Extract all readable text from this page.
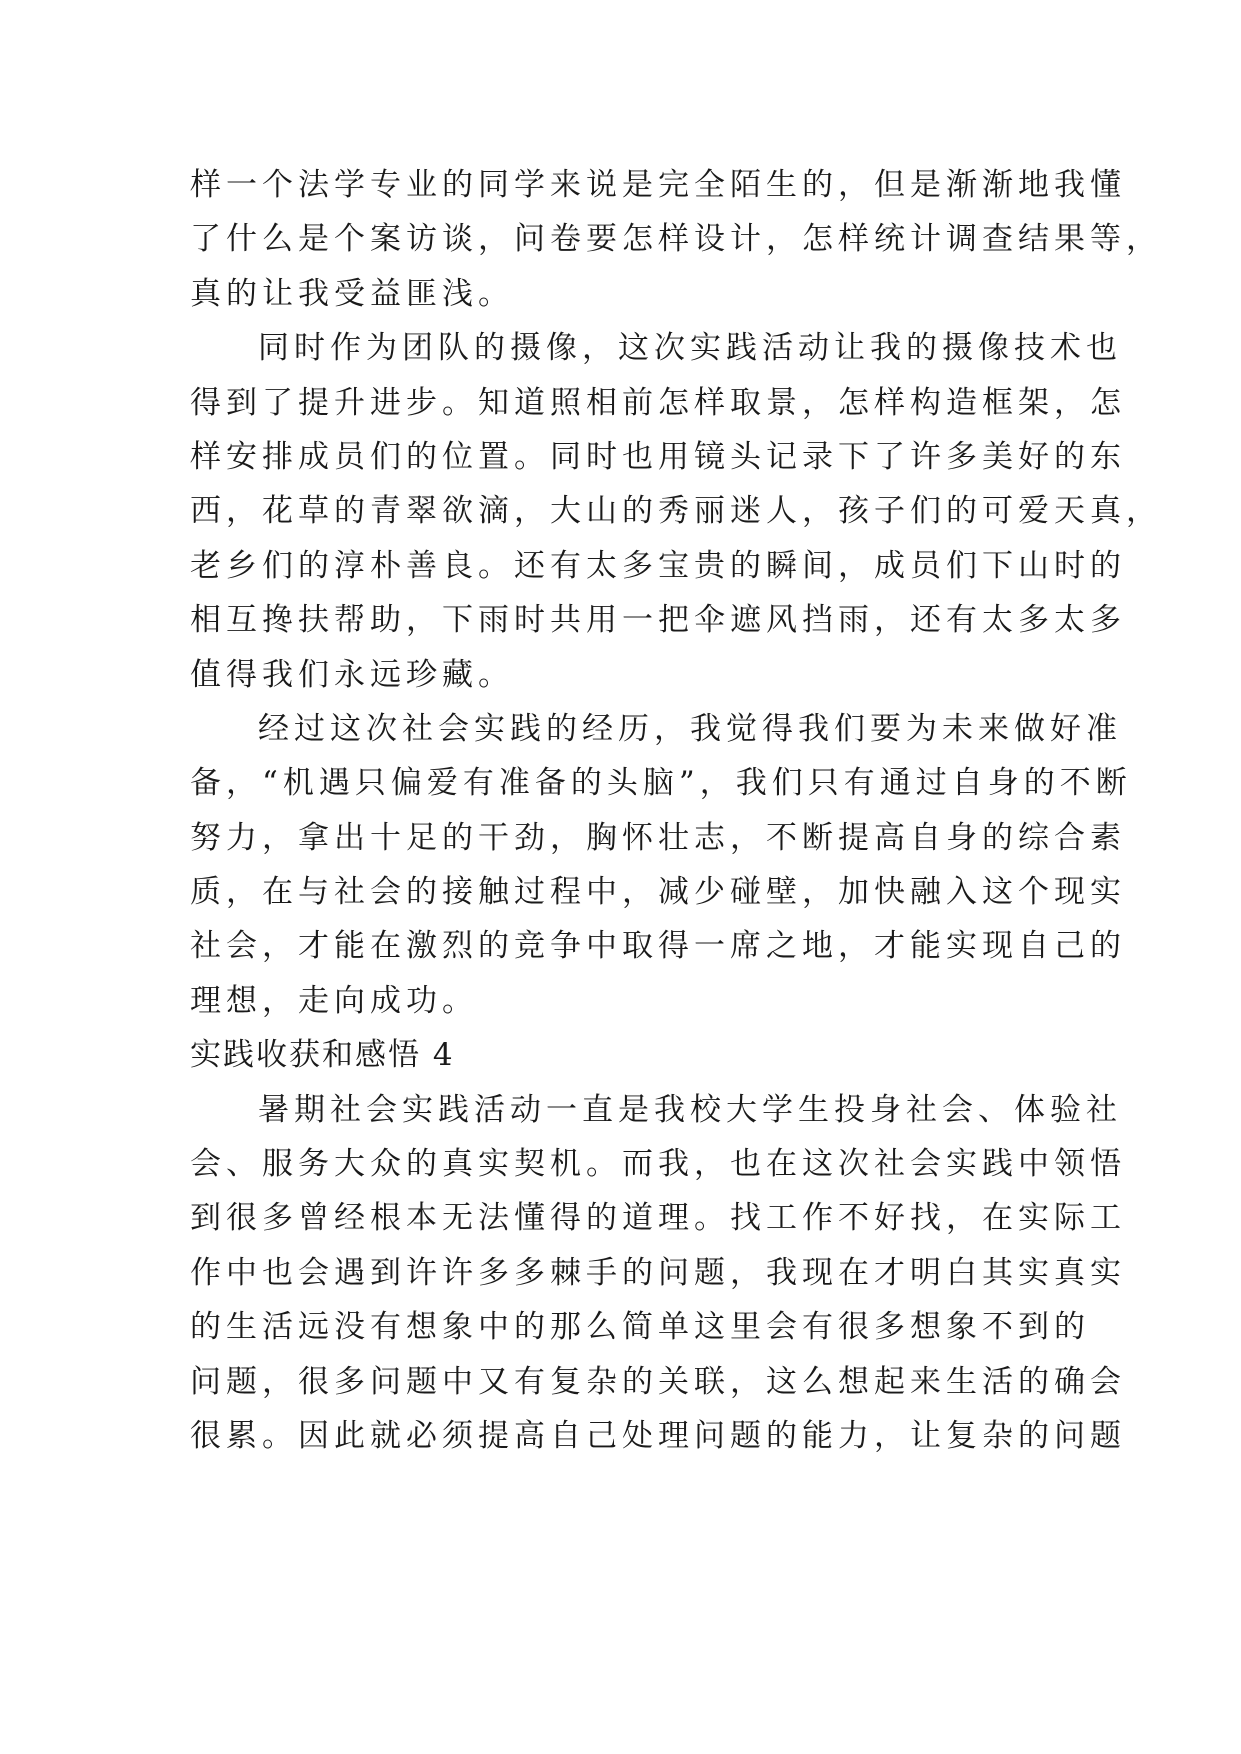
样一个法学专业的同学来说是完全陌生的，但是渐渐地我懂
了什么是个案访谈，问卷要怎样设计，怎样统计调查结果等，
真的让我受益匪浅。
同时作为团队的摄像，这次实践活动让我的摄像技术也
得到了提升进步。知道照相前怎样取景，怎样构造框架，怎
样安排成员们的位置。同时也用镜头记录下了许多美好的东
西，花草的青翠欲滴，大山的秀丽迷人，孩子们的可爱天真，
老乡们的淳朴善良。还有太多宝贵的瞬间，成员们下山时的
相互搀扶帮助，下雨时共用一把伞遮风挡雨，还有太多太多
值得我们永远珍藏。
经过这次社会实践的经历，我觉得我们要为未来做好准
备，“机遇只偏爱有准备的头脑”，我们只有通过自身的不断
努力，拿出十足的干劲，胸怀壮志，不断提高自身的综合素
质，在与社会的接触过程中，减少碰壁，加快融入这个现实
社会，才能在激烈的竞争中取得一席之地，才能实现自己的
理想，走向成功。
实践收获和感悟 4
暑期社会实践活动一直是我校大学生投身社会、体验社
会、服务大众的真实契机。而我，也在这次社会实践中领悟
到很多曾经根本无法懂得的道理。找工作不好找，在实际工
作中也会遇到许许多多棘手的问题，我现在才明白其实真实
的生活远没有想象中的那么简单这里会有很多想象不到的
问题，很多问题中又有复杂的关联，这么想起来生活的确会
很累。因此就必须提高自己处理问题的能力，让复杂的问题
